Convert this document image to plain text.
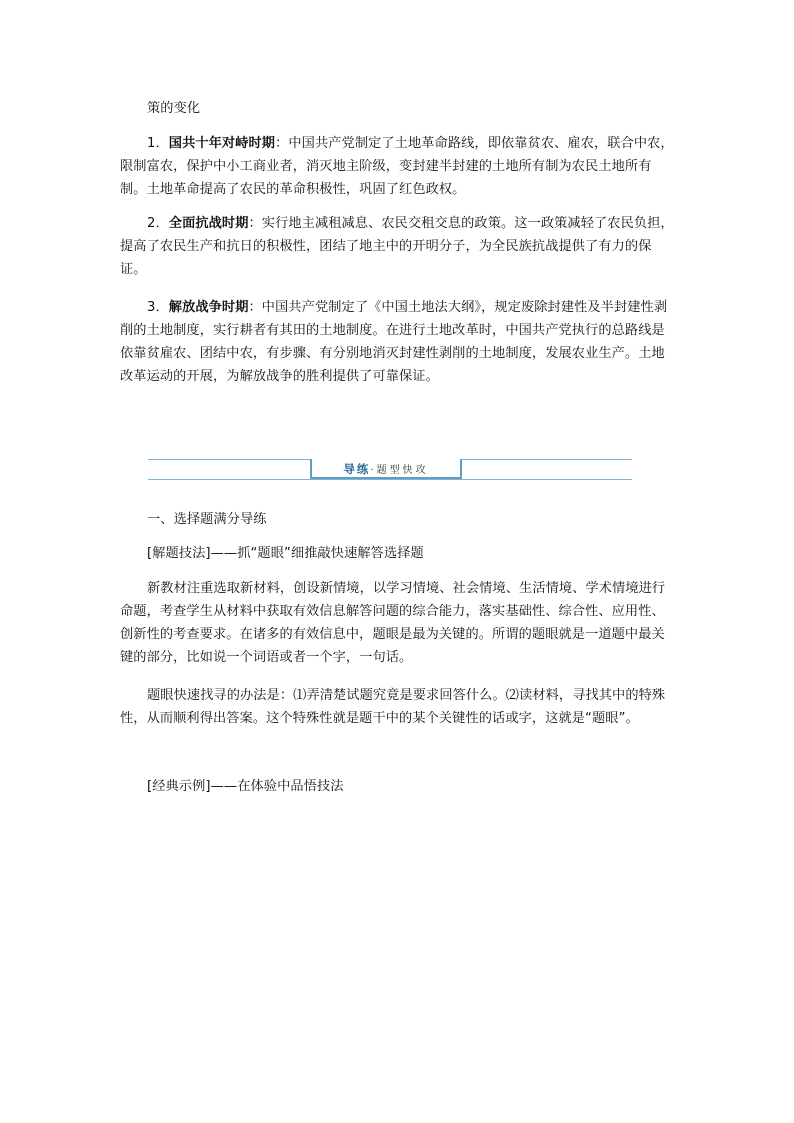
策的变化
1．国共十年对峙时期：中国共产党制定了土地革命路线，即依靠贫农、雇农，联合中农，限制富农，保护中小工商业者，消灭地主阶级，变封建半封建的土地所有制为农民土地所有制。土地革命提高了农民的革命积极性，巩固了红色政权。
2．全面抗战时期：实行地主减租减息、农民交租交息的政策。这一政策减轻了农民负担，提高了农民生产和抗日的积极性，团结了地主中的开明分子，为全民族抗战提供了有力的保证。
3．解放战争时期：中国共产党制定了《中国土地法大纲》，规定废除封建性及半封建性剥削的土地制度，实行耕者有其田的土地制度。在进行土地改革时，中国共产党执行的总路线是依靠贫雇农、团结中农，有步骤、有分别地消灭封建性剥削的土地制度，发展农业生产。土地改革运动的开展，为解放战争的胜利提供了可靠保证。
导练·题型快攻
一、选择题满分导练
[解题技法]——抓“题眼”细推敲快速解答选择题
新教材注重选取新材料，创设新情境，以学习情境、社会情境、生活情境、学术情境进行命题，考查学生从材料中获取有效信息解答问题的综合能力，落实基础性、综合性、应用性、创新性的考查要求。在诸多的有效信息中，题眼是最为关键的。所谓的题眼就是一道题中最关键的部分，比如说一个词语或者一个字，一句话。
题眼快速找寻的办法是：⑴弄清楚试题究竟是要求回答什么。⑵读材料，寻找其中的特殊性，从而顺利得出答案。这个特殊性就是题干中的某个关键性的话或字，这就是“题眼”。
[经典示例]——在体验中品悟技法
